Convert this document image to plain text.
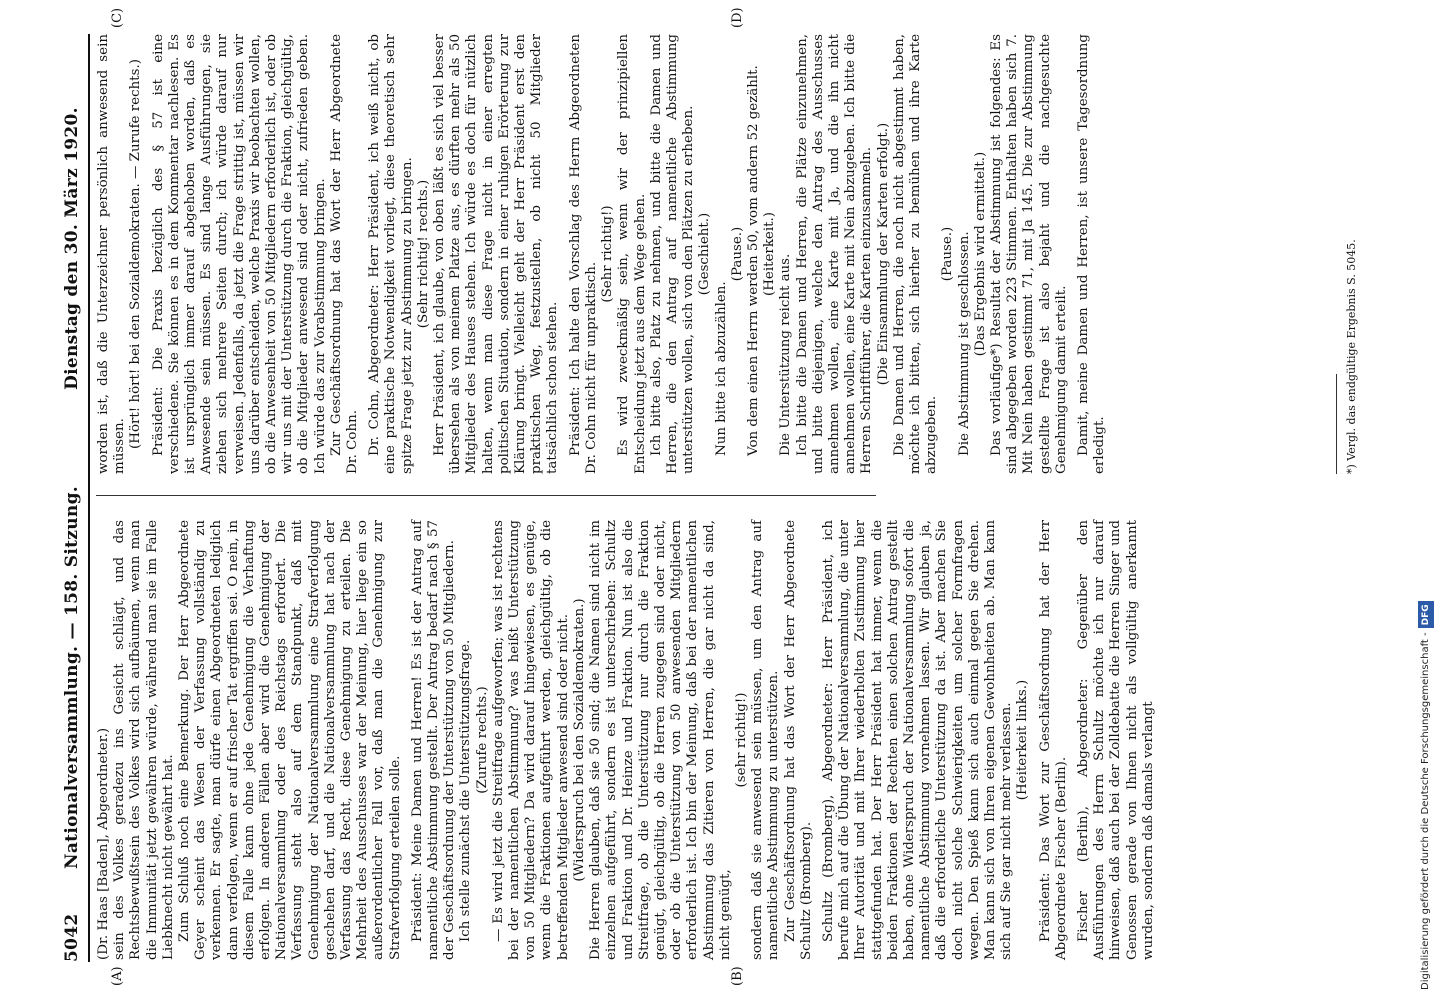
5042
Nationalversammlung. — 158. Sitzung.
Dienstag den 30. März 1920.
(A)	(B)
(C)	(D)

(Dr. Haas [Baden], Abgeordneter.) sein des Volkes geradezu ins Gesicht schlägt, und das Rechtsbewußtsein des Volkes wird sich aufbäumen, wenn man die Immunität jetzt gewähren würde, während man sie im Falle Liebknecht nicht gewährt hat. Zum Schluß noch eine Bemerkung. Der Herr Abgeordnete Geyer scheint das Wesen der Verfassung vollständig zu verkennen. Er sagte, man dürfe einen Abgeordneten lediglich dann verfolgen, wenn er auf frischer Tat ergriffen sei. O nein, in diesem Falle kann ohne jede Genehmigung die Verhaftung erfolgen. In anderen Fällen aber wird die Genehmigung der Nationalversammlung oder des Reichstags erfordert. Die Verfassung steht also auf dem Standpunkt, daß mit Genehmigung der Nationalversammlung eine Strafverfolgung geschehen darf, und die Nationalversammlung hat nach der Verfassung das Recht, diese Genehmigung zu erteilen. Die Mehrheit des Ausschusses war der Meinung, hier liege ein so außerordentlicher Fall vor, daß man die Genehmigung zur Strafverfolgung erteilen solle. Präsident: Meine Damen und Herren! Es ist der Antrag auf namentliche Abstimmung gestellt. Der Antrag bedarf nach § 57 der Geschäftsordnung der Unterstützung von 50 Mitgliedern. Ich stelle zunächst die Unterstützungsfrage. (Zurufe rechts.) — Es wird jetzt die Streitfrage aufgeworfen; was ist rechtens bei der namentlichen Abstimmung? was heißt Unterstützung von 50 Mitgliedern? Da wird darauf hingewiesen, es genüge, wenn die Fraktionen aufgeführt werden, gleichgültig, ob die betreffenden Mitglieder anwesend sind oder nicht. (Widerspruch bei den Sozialdemokraten.) Die Herren glauben, daß sie 50 sind; die Namen sind nicht im einzelnen aufgeführt, sondern es ist unterschrieben: Schultz und Fraktion und Dr. Heinze und Fraktion. Nun ist also die Streitfrage, ob die Unterstützung nur durch die Fraktion genügt, gleichgültig, ob die Herren zugegen sind oder nicht, oder ob die Unterstützung von 50 anwesenden Mitgliedern erforderlich ist. Ich bin der Meinung, daß bei der namentlichen Abstimmung das Zitieren von Herren, die gar nicht da sind, nicht genügt,

(sehr richtig!) sondern daß sie anwesend sein müssen, um den Antrag auf namentliche Abstimmung zu unterstützen. Zur Geschäftsordnung hat das Wort der Herr Abgeordnete Schultz (Bromberg). Schultz (Bromberg), Abgeordneter: Herr Präsident, ich berufe mich auf die Übung der Nationalversammlung, die unter Ihrer Autorität und mit Ihrer wiederholten Zustimmung hier stattgefunden hat. Der Herr Präsident hat immer, wenn die beiden Fraktionen der Rechten einen solchen Antrag gestellt haben, ohne Widerspruch der Nationalversammlung sofort die namentliche Abstimmung vornehmen lassen. Wir glauben ja, daß die erforderliche Unterstützung da ist. Aber machen Sie doch nicht solche Schwierigkeiten um solcher Formfragen wegen. Den Spieß kann sich auch einmal gegen Sie drehen. Man kann sich von Ihren eigenen Gewohnheiten ab. Man kann sich auf Sie gar nicht mehr verlassen. (Heiterkeit links.) Präsident: Das Wort zur Geschäftsordnung hat der Herr Abgeordnete Fischer (Berlin). Fischer (Berlin), Abgeordneter: Gegenüber den Ausführungen des Herrn Schultz möchte ich nur darauf hinweisen, daß auch bei der Zolldebatte die Herren Singer und Genossen gerade von Ihnen nicht als vollgültig anerkannt wurden, sondern daß damals verlangt

worden ist, daß die Unterzeichner persönlich anwesend sein müssen. (Hört! hört! bei den Sozialdemokraten. — Zurufe rechts.) Präsident: Die Praxis bezüglich des § 57 ist eine verschiedene. Sie können es in dem Kommentar nachlesen. Es ist ursprünglich immer darauf abgehoben worden, daß es Anwesende sein müssen. Es sind lange Ausführungen, sie ziehen sich mehrere Seiten durch; ich würde darauf nur verweisen. Jedenfalls, da jetzt die Frage strittig ist, müssen wir uns darüber entscheiden, welche Praxis wir beobachten wollen, ob die Anwesenheit von 50 Mitgliedern erforderlich ist, oder ob wir uns mit der Unterstützung durch die Fraktion, gleichgültig, ob die Mitglieder anwesend sind oder nicht, zufrieden geben. Ich würde das zur Vorabstimmung bringen. Zur Geschäftsordnung hat das Wort der Herr Abgeordnete Dr. Cohn. Dr. Cohn, Abgeordneter: Herr Präsident, ich weiß nicht, ob eine praktische Notwendigkeit vorliegt, diese theoretisch sehr spitze Frage jetzt zur Abstimmung zu bringen. (Sehr richtig! rechts.) Herr Präsident, ich glaube, von oben läßt es sich viel besser übersehen als von meinem Platze aus, es dürften mehr als 50 Mitglieder des Hauses stehen. Ich würde es doch für nützlich halten, wenn man diese Frage nicht in einer erregten politischen Situation, sondern in einer ruhigen Erörterung zur Klärung bringt. Vielleicht geht der Herr Präsident erst den praktischen Weg, festzustellen, ob nicht 50 Mitglieder tatsächlich schon stehen. Präsident: Ich halte den Vorschlag des Herrn Abgeordneten Dr. Cohn nicht für unpraktisch.

(Sehr richtig!) Es wird zweckmäßig sein, wenn wir der prinzipiellen Entscheidung jetzt aus dem Wege gehen. Ich bitte also, Platz zu nehmen, und bitte die Damen und Herren, die den Antrag auf namentliche Abstimmung unterstützen wollen, sich von den Plätzen zu erheben. (Geschieht.)

Nun bitte ich abzuzählen.

(Pause.) Von dem einen Herrn werden 50, vom andern 52 gezählt. (Heiterkeit.) Die Unterstützung reicht aus. Ich bitte die Damen und Herren, die Plätze einzunehmen, und bitte diejenigen, welche den Antrag des Ausschusses annehmen wollen, eine Karte mit Ja, und die ihn nicht annehmen wollen, eine Karte mit Nein abzugeben. Ich bitte die Herren Schriftführer, die Karten einzusammeln. (Die Einsammlung der Karten erfolgt.) Die Damen und Herren, die noch nicht abgestimmt haben, möchte ich bitten, sich hierher zu bemühen und ihre Karte abzugeben.

(Pause.) Die Abstimmung ist geschlossen. (Das Ergebnis wird ermittelt.) Das vorläufige*) Resultat der Abstimmung ist folgendes: Es sind abgegeben worden 223 Stimmen. Enthalten haben sich 7. Mit Nein haben gestimmt 71, mit Ja 145. Die zur Abstimmung gestellte Frage ist also bejaht und die nachgesuchte Genehmigung damit erteilt. Damit, meine Damen und Herren, ist unsere Tagesordnung erledigt.	*) Vergl. das endgültige Ergebnis S. 5045.
Digitalisierung gefördert durch die Deutsche Forschungsgemeinschaft -DFG
